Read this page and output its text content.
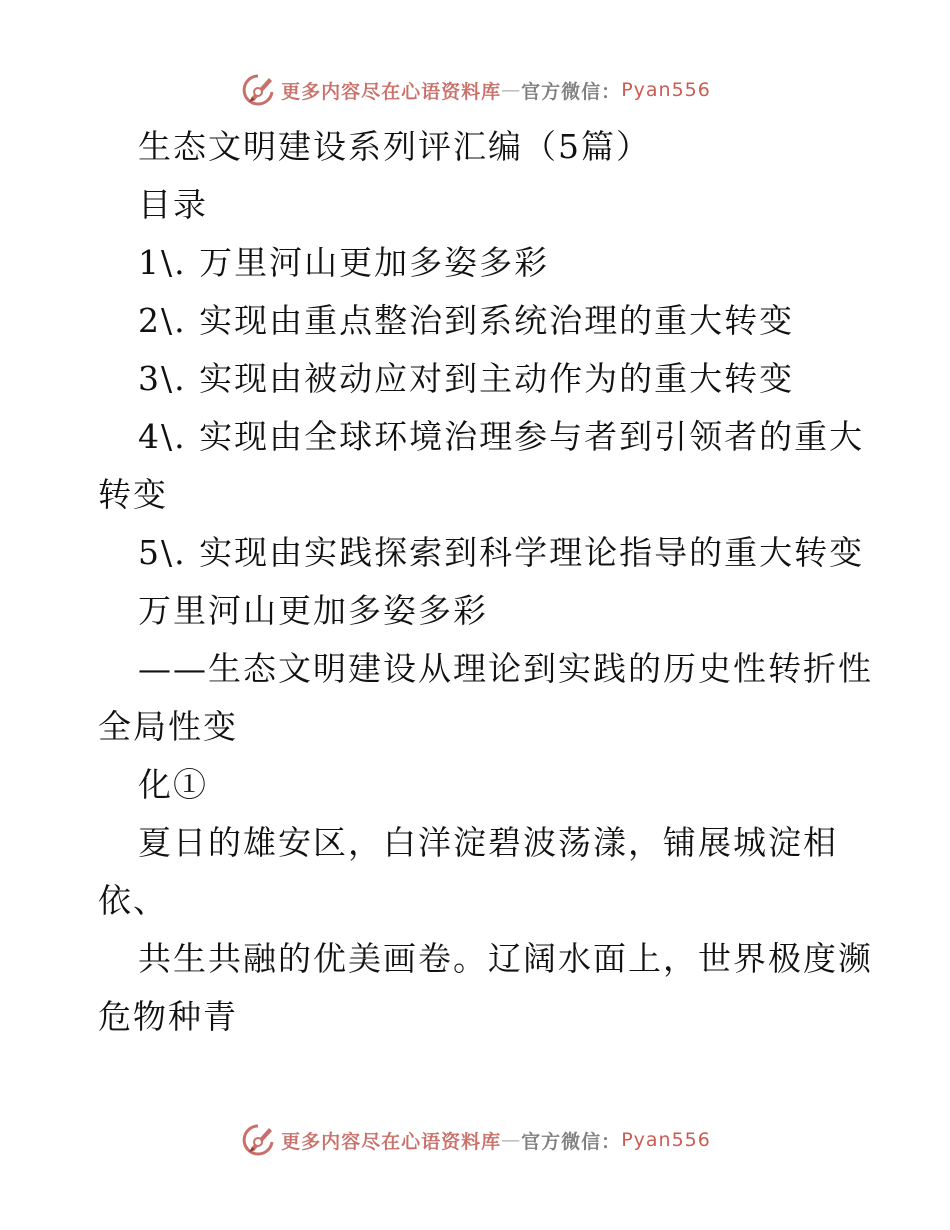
更多内容尽在心语资料库 — 官方微信： Pyan556
生态文明建设系列评汇编（5篇）
目录
1\. 万里河山更加多姿多彩
2\. 实现由重点整治到系统治理的重大转变
3\. 实现由被动应对到主动作为的重大转变
4\. 实现由全球环境治理参与者到引领者的重大
转变
5\. 实现由实践探索到科学理论指导的重大转变
万里河山更加多姿多彩
——生态文明建设从理论到实践的历史性转折性
全局性变
化①
夏日的雄安区，白洋淀碧波荡漾，铺展城淀相
依、
共生共融的优美画卷。辽阔水面上，世界极度濒
危物种青
更多内容尽在心语资料库 — 官方微信： Pyan556
